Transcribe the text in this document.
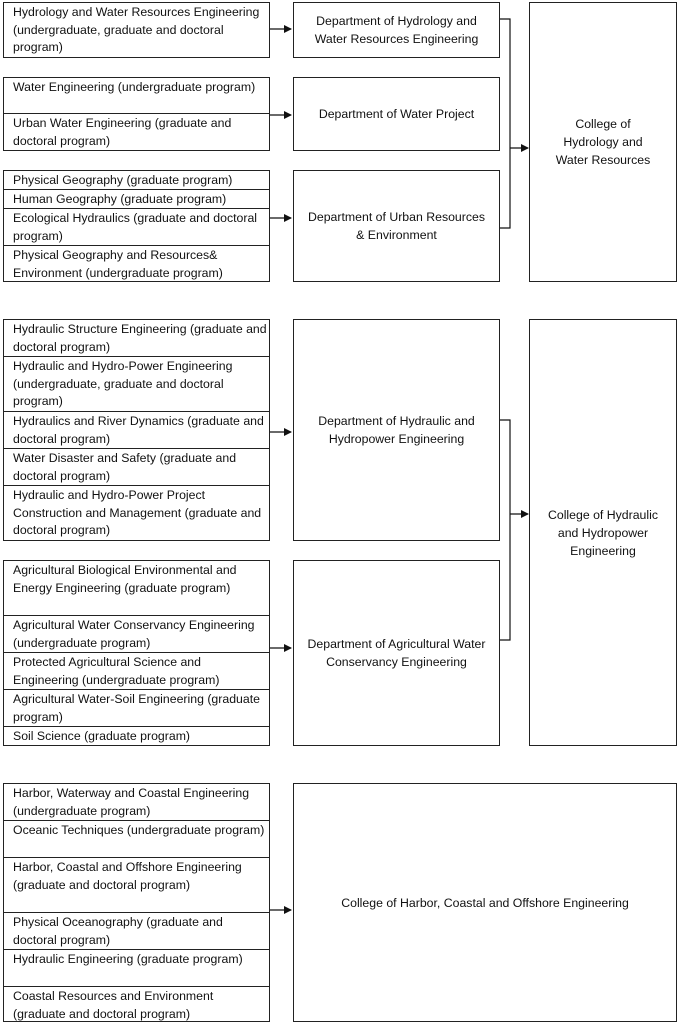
Hydrology and Water Resources Engineering (undergraduate, graduate and doctoral program)
Water Engineering (undergraduate program)
Urban Water Engineering (graduate and doctoral program)
Physical Geography (graduate program)
Human Geography (graduate program)
Ecological Hydraulics (graduate and doctoral program)
Physical Geography and Resources& Environment (undergraduate program)
Department of Hydrology and Water Resources Engineering
Department of Water Project
Department of Urban Resources & Environment
College of Hydrology and Water Resources
Hydraulic Structure Engineering (graduate and doctoral program)
Hydraulic and Hydro-Power Engineering (undergraduate, graduate and doctoral program)
Hydraulics and River Dynamics (graduate and doctoral program)
Water Disaster and Safety (graduate and doctoral program)
Hydraulic and Hydro-Power Project Construction and Management (graduate and doctoral program)
Agricultural Biological Environmental and Energy Engineering (graduate program)
Agricultural Water Conservancy Engineering (undergraduate program)
Protected Agricultural Science and Engineering (undergraduate program)
Agricultural Water-Soil Engineering (graduate program)
Soil Science (graduate program)
Department of Hydraulic and Hydropower Engineering
Department of Agricultural Water Conservancy Engineering
College of Hydraulic and Hydropower Engineering
Harbor, Waterway and Coastal Engineering (undergraduate program)
Oceanic Techniques (undergraduate program)
Harbor, Coastal and Offshore Engineering (graduate and doctoral program)
Physical Oceanography (graduate and doctoral program)
Hydraulic Engineering (graduate program)
Coastal Resources and Environment (graduate and doctoral program)
College of Harbor, Coastal and Offshore Engineering
